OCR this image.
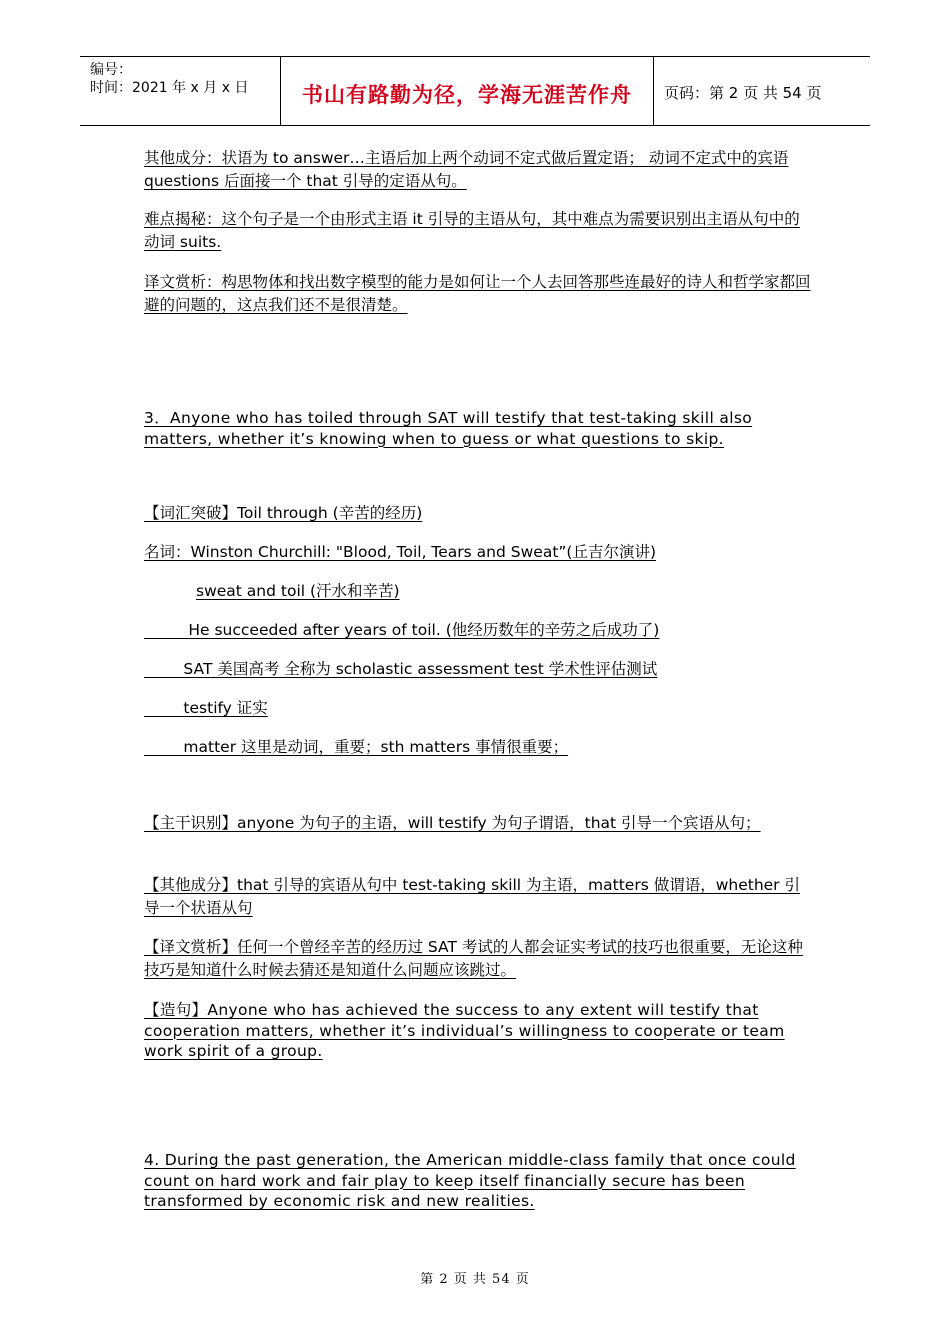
编号：
时间：2021 年 x 月 x 日	书山有路勤为径，学海无涯苦作舟	页码：第 2 页 共 54 页

其他成分：状语为 to answer…主语后加上两个动词不定式做后置定语； 动词不定式中的宾语 questions 后面接一个 that 引导的定语从句。

难点揭秘：这个句子是一个由形式主语 it 引导的主语从句，其中难点为需要识别出主语从句中的动词 suits.

译文赏析：构思物体和找出数字模型的能力是如何让一个人去回答那些连最好的诗人和哲学家都回避的问题的，这点我们还不是很清楚。

3．Anyone who has toiled through SAT will testify that test-taking skill also matters, whether it’s knowing when to guess or what questions to skip.

【词汇突破】Toil through (辛苦的经历)

名词：Winston Churchill: "Blood, Toil, Tears and Sweat”(丘吉尔演讲)

sweat and toil (汗水和辛苦)

He succeeded after years of toil. (他经历数年的辛劳之后成功了)

SAT 美国高考 全称为 scholastic assessment test 学术性评估测试

testify 证实

matter 这里是动词，重要；sth matters 事情很重要；

【主干识别】anyone 为句子的主语，will testify 为句子谓语，that 引导一个宾语从句；

【其他成分】that 引导的宾语从句中 test-taking skill 为主语，matters 做谓语，whether 引导一个状语从句

【译文赏析】任何一个曾经辛苦的经历过 SAT 考试的人都会证实考试的技巧也很重要，无论这种技巧是知道什么时候去猜还是知道什么问题应该跳过。

【造句】Anyone who has achieved the success to any extent will testify that cooperation matters, whether it’s individual’s willingness to cooperate or team work spirit of a group.

4. During the past generation, the American middle-class family that once could count on hard work and fair play to keep itself financially secure has been transformed by economic risk and new realities.

第 2 页 共 54 页
